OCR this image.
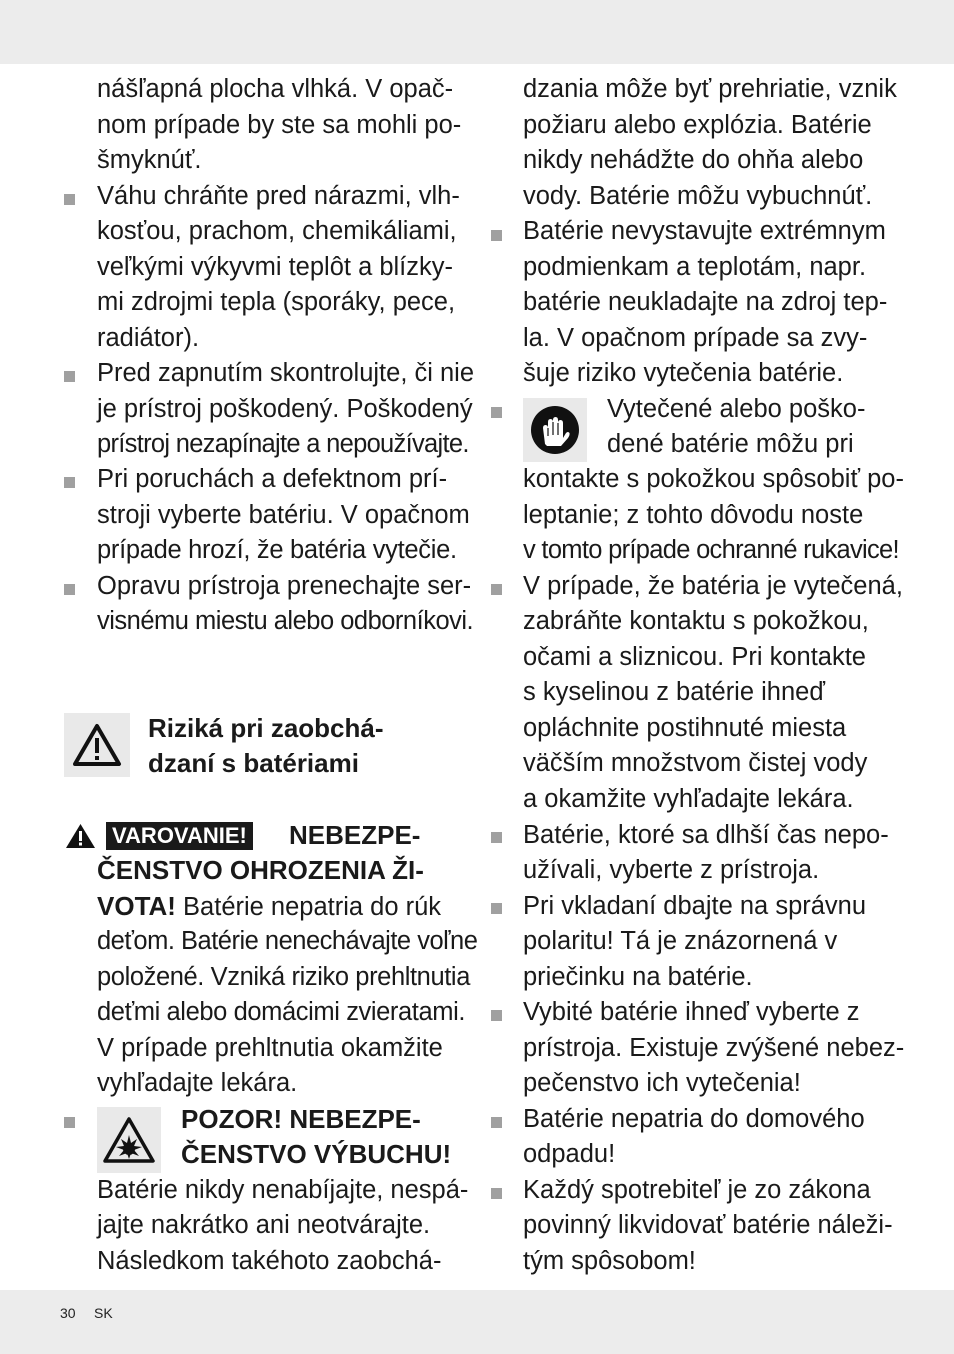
nášľapná plocha vlhká. V opač-
nom prípade by ste sa mohli po-
šmyknúť.
Váhu chráňte pred nárazmi, vlh-
kosťou, prachom, chemikáliami,
veľkými výkyvmi teplôt a blízky-
mi zdrojmi tepla (sporáky, pece,
radiátor).
Pred zapnutím skontrolujte, či nie
je prístroj poškodený. Poškodený
prístroj nezapínajte a nepoužívajte.
Pri poruchách a defektnom prí-
stroji vyberte batériu. V opačnom
prípade hrozí, že batéria vytečie.
Opravu prístroja prenechajte ser-
visnému miestu alebo odborníkovi.
Riziká pri zaobchá-
dzaní s batériami
VAROVANIE! NEBEZPE-
ČENSTVO OHROZENIA ŽI-
VOTA! Batérie nepatria do rúk
deťom. Batérie nenechávajte voľne
položené. Vzniká riziko prehltnutia
deťmi alebo domácimi zvieratami.
V prípade prehltnutia okamžite
vyhľadajte lekára.
POZOR! NEBEZPE-
ČENSTVO VÝBUCHU!
Batérie nikdy nenabíjajte, nespá-
jajte nakrátko ani neotvárajte.
Následkom takéhoto zaobchá-
dzania môže byť prehriatie, vznik
požiaru alebo explózia. Batérie
nikdy nehádžte do ohňa alebo
vody. Batérie môžu vybuchnúť.
Batérie nevystavujte extrémnym
podmienkam a teplotám, napr.
batérie neukladajte na zdroj tep-
la. V opačnom prípade sa zvy-
šuje riziko vytečenia batérie.
Vytečené alebo poško-
dené batérie môžu pri
kontakte s pokožkou spôsobiť po-
leptanie; z tohto dôvodu noste
v tomto prípade ochranné rukavice!
V prípade, že batéria je vytečená,
zabráňte kontaktu s pokožkou,
očami a sliznicou. Pri kontakte
s kyselinou z batérie ihneď
opláchnite postihnuté miesta
väčším množstvom čistej vody
a okamžite vyhľadajte lekára.
Batérie, ktoré sa dlhší čas nepo-
užívali, vyberte z prístroja.
Pri vkladaní dbajte na správnu
polaritu! Tá je znázornená v
priečinku na batérie.
Vybité batérie ihneď vyberte z
prístroja. Existuje zvýšené nebez-
pečenstvo ich vytečenia!
Batérie nepatria do domového
odpadu!
Každý spotrebiteľ je zo zákona
povinný likvidovať batérie náleži-
tým spôsobom!
30 SK
